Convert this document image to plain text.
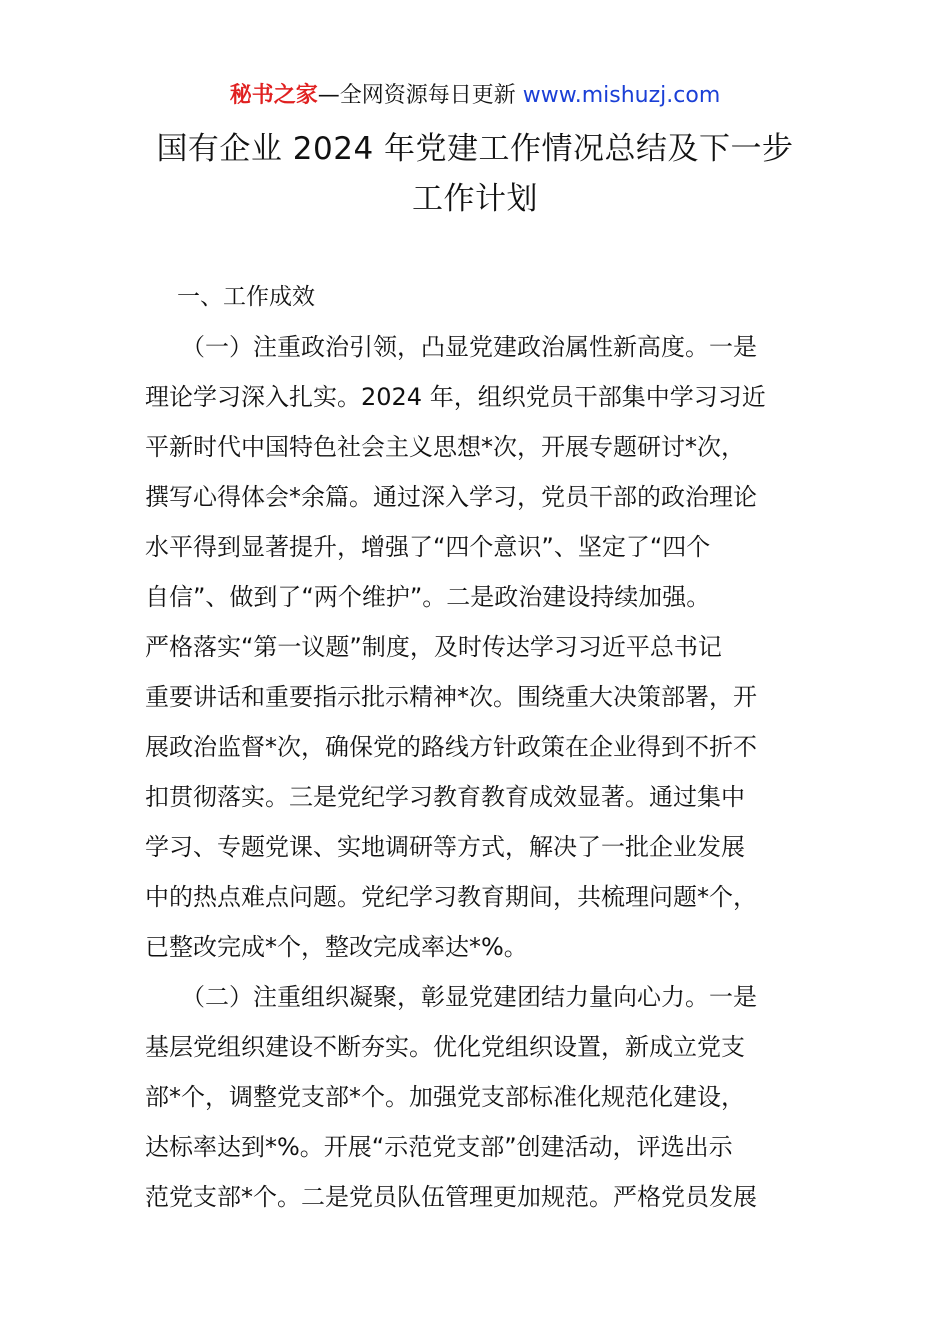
秘书之家—全网资源每日更新 www.mishuzj.com
国有企业 2024 年党建工作情况总结及下一步
工作计划
一、工作成效
（一）注重政治引领，凸显党建政治属性新高度。一是
理论学习深入扎实。2024 年，组织党员干部集中学习习近
平新时代中国特色社会主义思想*次，开展专题研讨*次，
撰写心得体会*余篇。通过深入学习，党员干部的政治理论
水平得到显著提升，增强了“四个意识”、坚定了“四个
自信”、做到了“两个维护”。二是政治建设持续加强。
严格落实“第一议题”制度，及时传达学习习近平总书记
重要讲话和重要指示批示精神*次。围绕重大决策部署，开
展政治监督*次，确保党的路线方针政策在企业得到不折不
扣贯彻落实。三是党纪学习教育教育成效显著。通过集中
学习、专题党课、实地调研等方式，解决了一批企业发展
中的热点难点问题。党纪学习教育期间，共梳理问题*个，
已整改完成*个，整改完成率达*%。
（二）注重组织凝聚，彰显党建团结力量向心力。一是
基层党组织建设不断夯实。优化党组织设置，新成立党支
部*个，调整党支部*个。加强党支部标准化规范化建设，
达标率达到*%。开展“示范党支部”创建活动，评选出示
范党支部*个。二是党员队伍管理更加规范。严格党员发展
